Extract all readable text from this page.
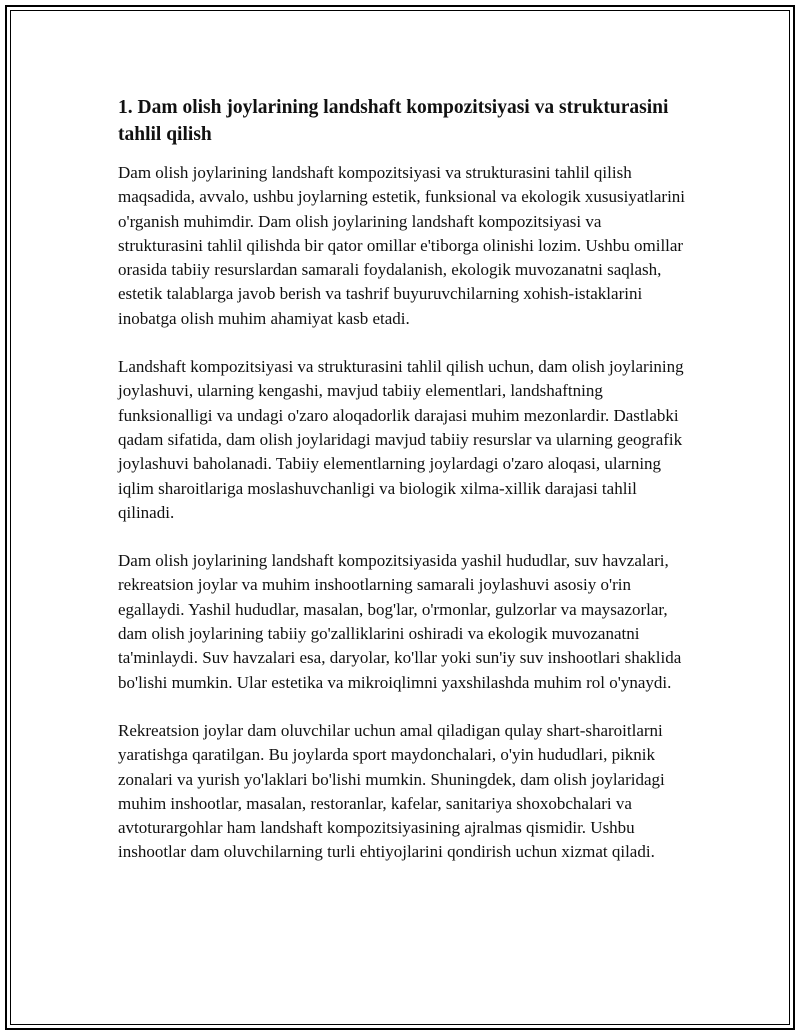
1. Dam olish joylarining landshaft kompozitsiyasi va strukturasini tahlil qilish

Dam olish joylarining landshaft kompozitsiyasi va strukturasini tahlil qilish maqsadida, avvalo, ushbu joylarning estetik, funksional va ekologik xususiyatlarini o'rganish muhimdir. Dam olish joylarining landshaft kompozitsiyasi va strukturasini tahlil qilishda bir qator omillar e'tiborga olinishi lozim. Ushbu omillar orasida tabiiy resurslardan samarali foydalanish, ekologik muvozanatni saqlash, estetik talablarga javob berish va tashrif buyuruvchilarning xohish-istaklarini inobatga olish muhim ahamiyat kasb etadi.

Landshaft kompozitsiyasi va strukturasini tahlil qilish uchun, dam olish joylarining joylashuvi, ularning kengashi, mavjud tabiiy elementlari, landshaftning funksionalligi va undagi o'zaro aloqadorlik darajasi muhim mezonlardir. Dastlabki qadam sifatida, dam olish joylaridagi mavjud tabiiy resurslar va ularning geografik joylashuvi baholanadi. Tabiiy elementlarning joylardagi o'zaro aloqasi, ularning iqlim sharoitlariga moslashuvchanligi va biologik xilma-xillik darajasi tahlil qilinadi.

Dam olish joylarining landshaft kompozitsiyasida yashil hududlar, suv havzalari, rekreatsion joylar va muhim inshootlarning samarali joylashuvi asosiy o'rin egallaydi. Yashil hududlar, masalan, bog'lar, o'rmonlar, gulzorlar va maysazorlar, dam olish joylarining tabiiy go'zalliklarini oshiradi va ekologik muvozanatni ta'minlaydi. Suv havzalari esa, daryolar, ko'llar yoki sun'iy suv inshootlari shaklida bo'lishi mumkin. Ular estetika va mikroiqlimni yaxshilashda muhim rol o'ynaydi.

Rekreatsion joylar dam oluvchilar uchun amal qiladigan qulay shart-sharoitlarni yaratishga qaratilgan. Bu joylarda sport maydonchalari, o'yin hududlari, piknik zonalari va yurish yo'laklari bo'lishi mumkin. Shuningdek, dam olish joylaridagi muhim inshootlar, masalan, restoranlar, kafelar, sanitariya shoxobchalari va avtoturargohlar ham landshaft kompozitsiyasining ajralmas qismidir. Ushbu inshootlar dam oluvchilarning turli ehtiyojlarini qondirish uchun xizmat qiladi.
